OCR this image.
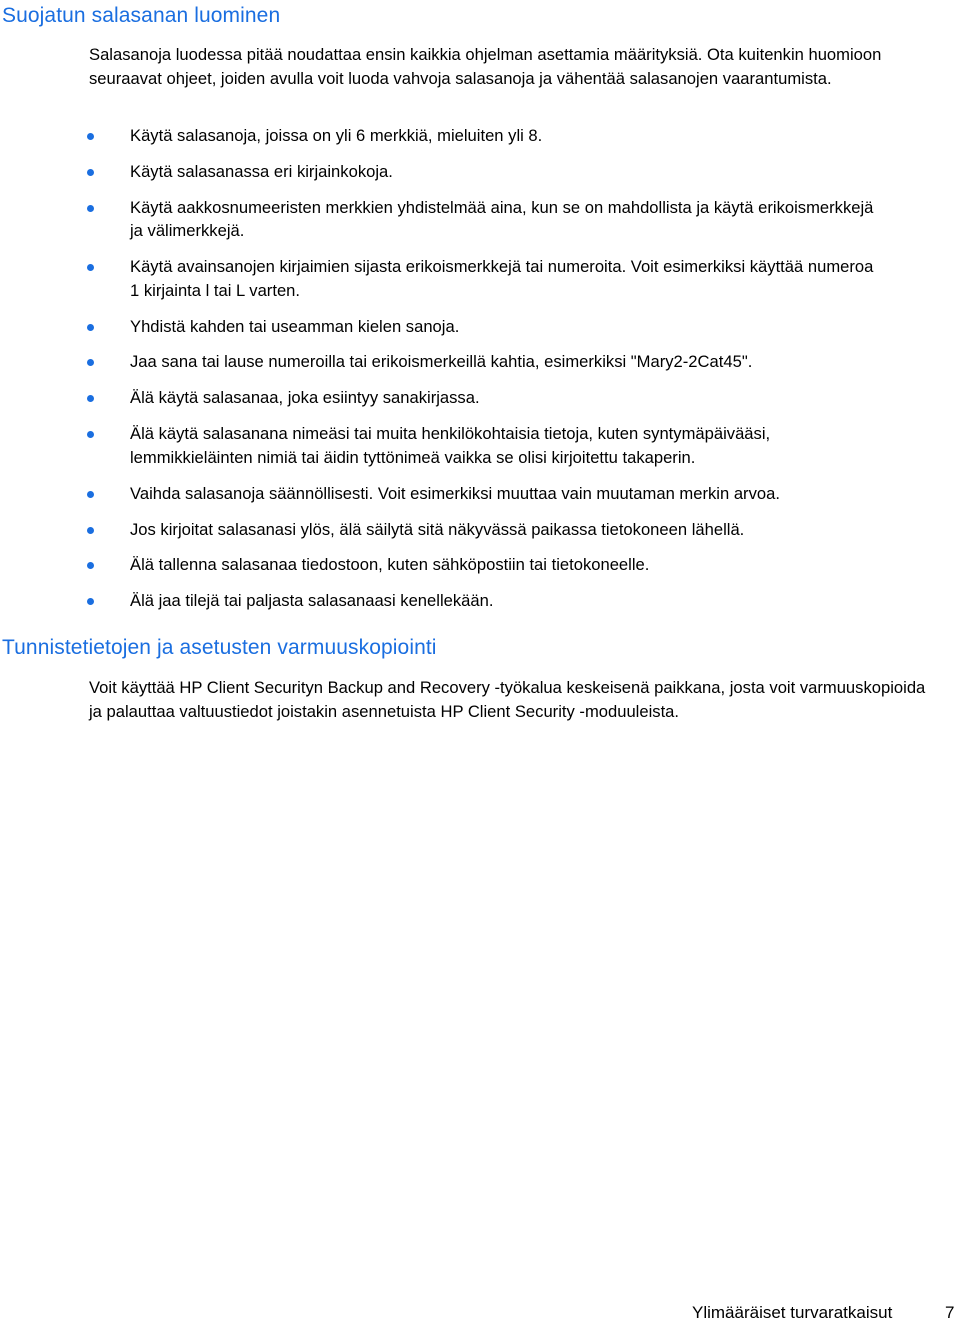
Suojatun salasanan luominen

Salasanoja luodessa pitää noudattaa ensin kaikkia ohjelman asettamia määrityksiä. Ota kuitenkin huomioon seuraavat ohjeet, joiden avulla voit luoda vahvoja salasanoja ja vähentää salasanojen vaarantumista.

Käytä salasanoja, joissa on yli 6 merkkiä, mieluiten yli 8.
Käytä salasanassa eri kirjainkokoja.
Käytä aakkosnumeeristen merkkien yhdistelmää aina, kun se on mahdollista ja käytä erikoismerkkejä ja välimerkkejä.
Käytä avainsanojen kirjaimien sijasta erikoismerkkejä tai numeroita. Voit esimerkiksi käyttää numeroa 1 kirjainta l tai L varten.
Yhdistä kahden tai useamman kielen sanoja.
Jaa sana tai lause numeroilla tai erikoismerkeillä kahtia, esimerkiksi "Mary2-2Cat45".
Älä käytä salasanaa, joka esiintyy sanakirjassa.
Älä käytä salasanana nimeäsi tai muita henkilökohtaisia tietoja, kuten syntymäpäivääsi, lemmikkieläinten nimiä tai äidin tyttönimeä vaikka se olisi kirjoitettu takaperin.
Vaihda salasanoja säännöllisesti. Voit esimerkiksi muuttaa vain muutaman merkin arvoa.
Jos kirjoitat salasanasi ylös, älä säilytä sitä näkyvässä paikassa tietokoneen lähellä.
Älä tallenna salasanaa tiedostoon, kuten sähköpostiin tai tietokoneelle.
Älä jaa tilejä tai paljasta salasanaasi kenellekään.
Tunnistetietojen ja asetusten varmuuskopiointi

Voit käyttää HP Client Securityn Backup and Recovery -työkalua keskeisenä paikkana, josta voit varmuuskopioida ja palauttaa valtuustiedot joistakin asennetuista HP Client Security -moduuleista.

Ylimääräiset turvaratkaisut	7
